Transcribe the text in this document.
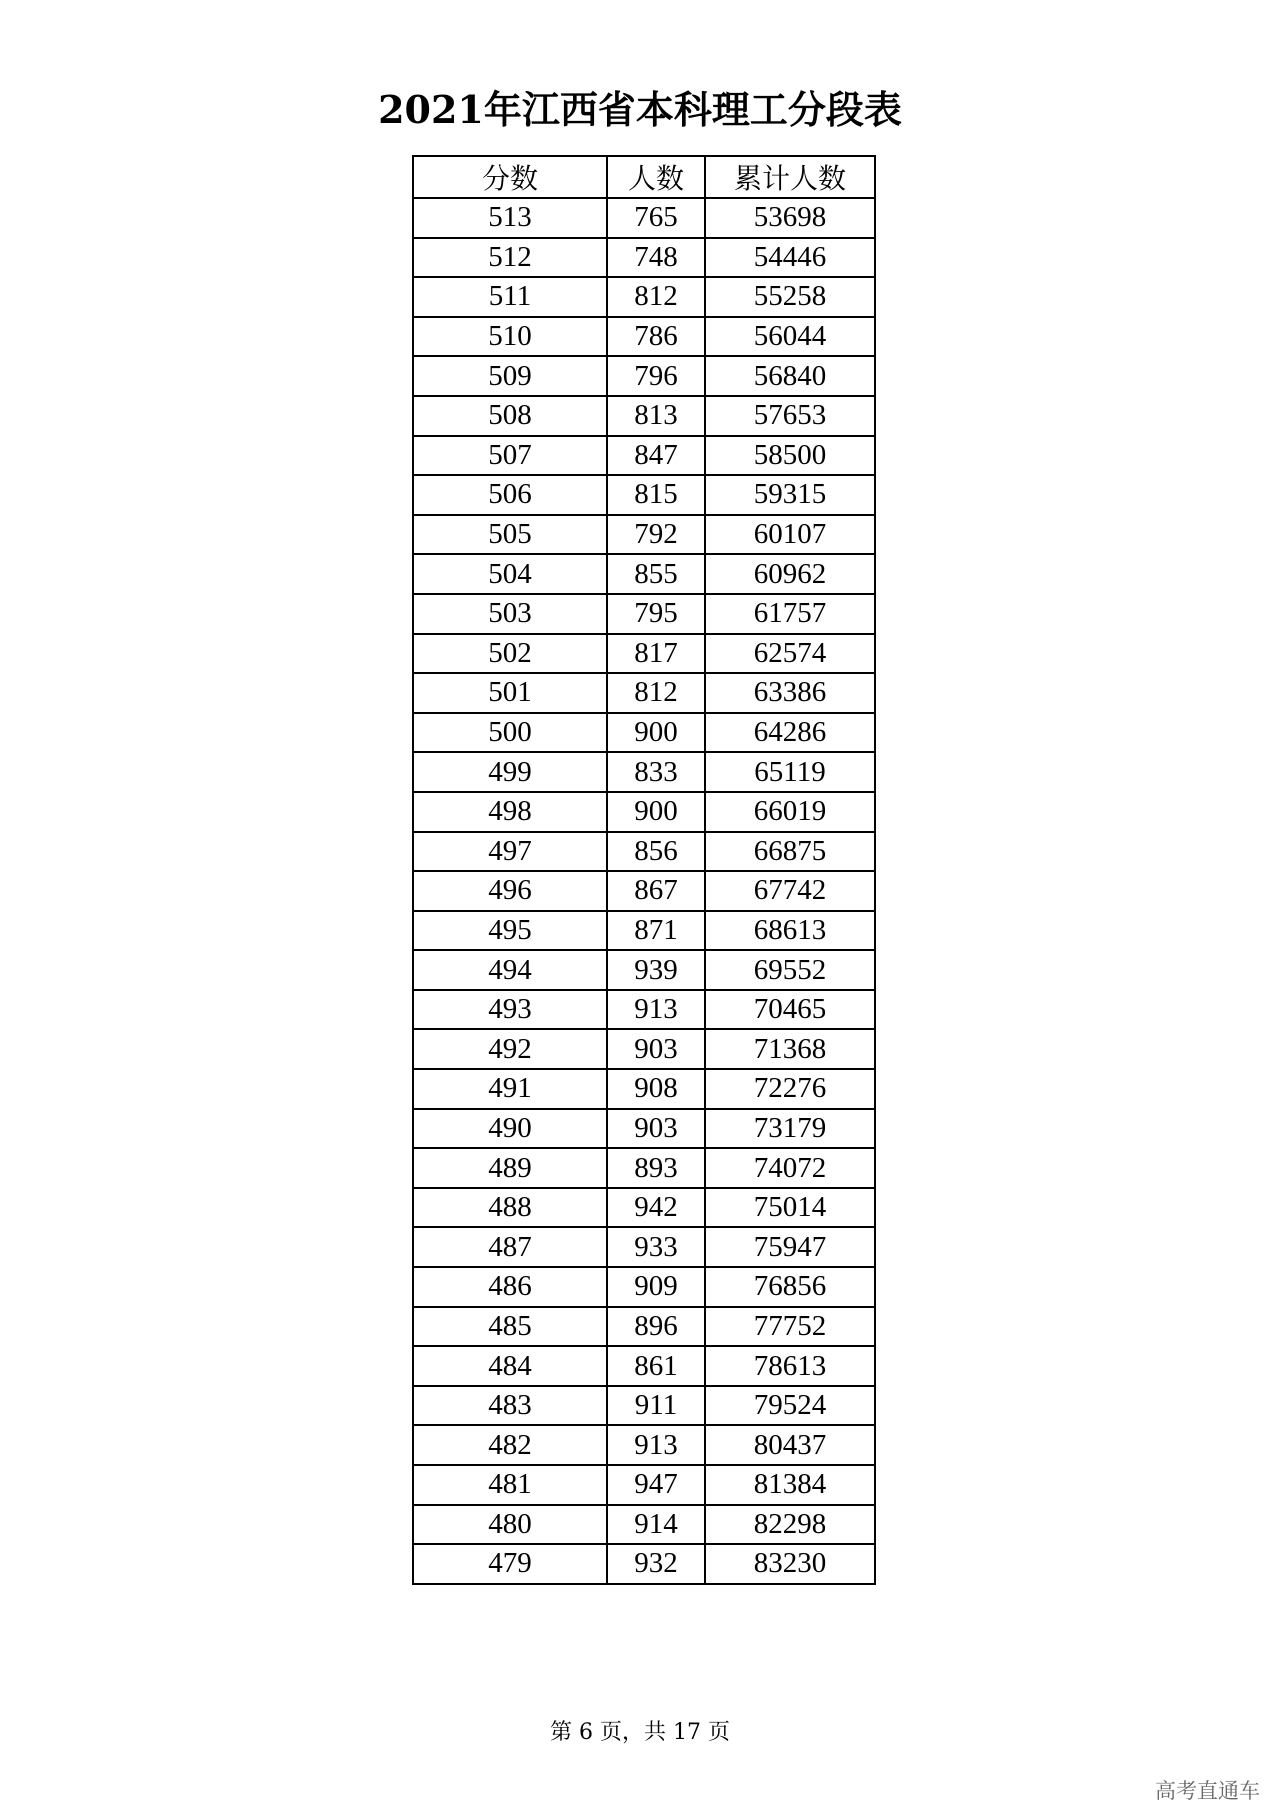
2021年江西省本科理工分段表
分数	人数	累计人数
513	765	53698
512	748	54446
511	812	55258
510	786	56044
509	796	56840
508	813	57653
507	847	58500
506	815	59315
505	792	60107
504	855	60962
503	795	61757
502	817	62574
501	812	63386
500	900	64286
499	833	65119
498	900	66019
497	856	66875
496	867	67742
495	871	68613
494	939	69552
493	913	70465
492	903	71368
491	908	72276
490	903	73179
489	893	74072
488	942	75014
487	933	75947
486	909	76856
485	896	77752
484	861	78613
483	911	79524
482	913	80437
481	947	81384
480	914	82298
479	932	83230
第 6 页，共 17 页
高考直通车
